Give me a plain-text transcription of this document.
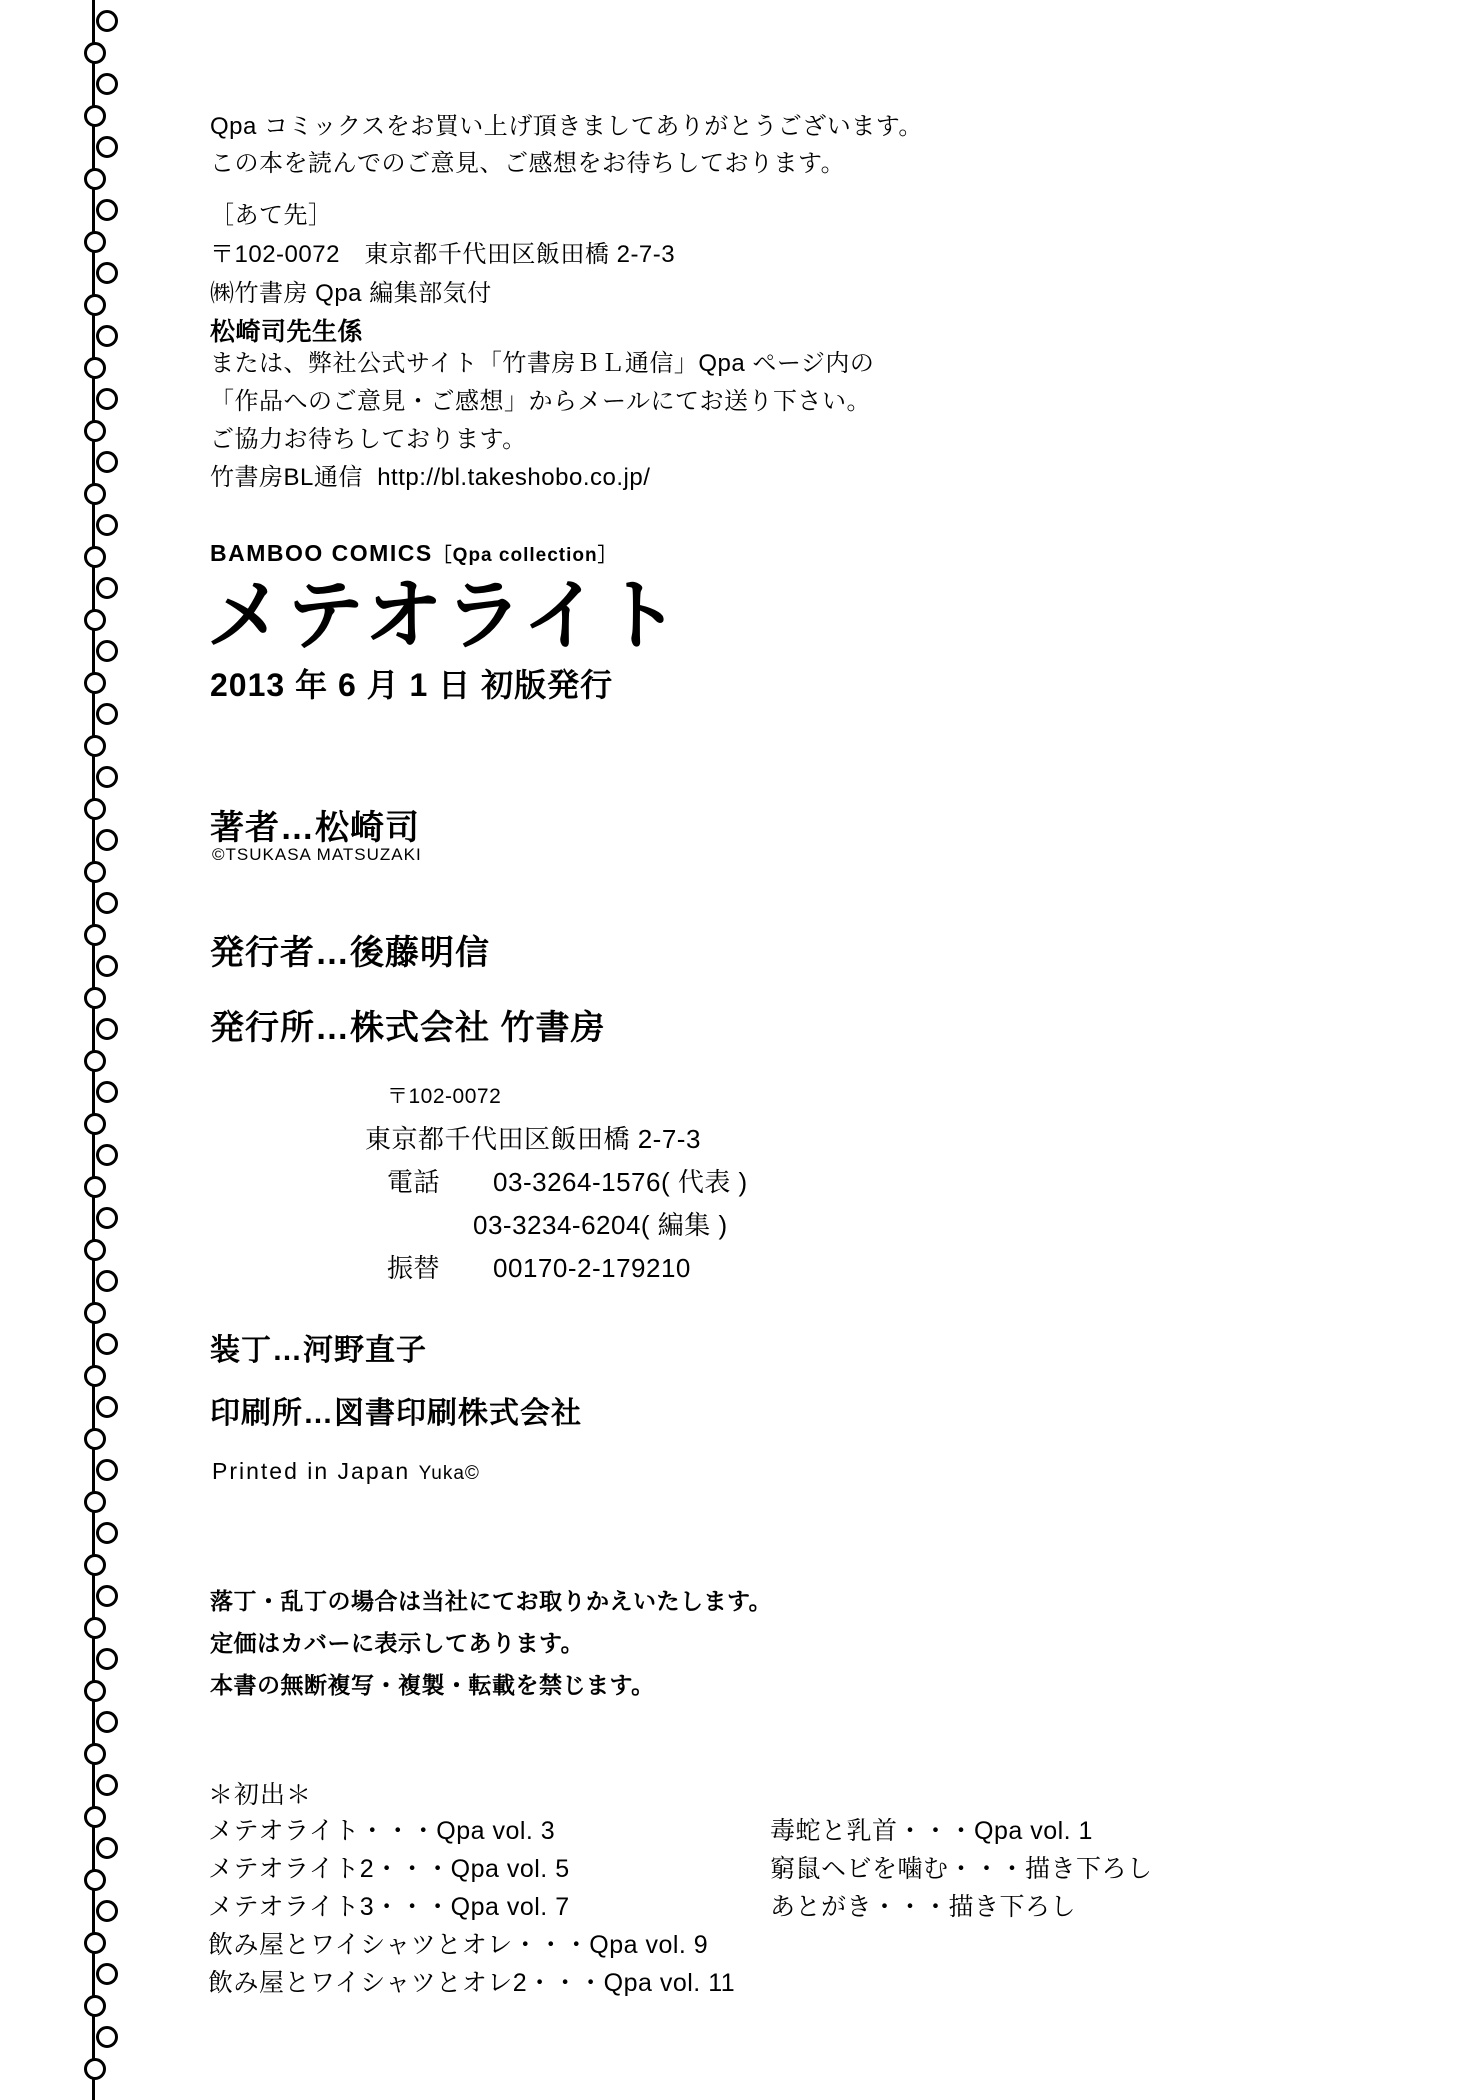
Qpa コミックスをお買い上げ頂きましてありがとうございます。
この本を読んでのご意見、ご感想をお待ちしております。
［あて先］
〒102-0072　東京都千代田区飯田橋 2-7-3
㈱竹書房 Qpa 編集部気付
松崎司先生係
または、弊社公式サイト「竹書房ＢＬ通信」Qpa ページ内の
「作品へのご意見・ご感想」からメールにてお送り下さい。
ご協力お待ちしております。
竹書房BL通信  http://bl.takeshobo.co.jp/
BAMBOO COMICS［Qpa collection］
メテオライト
2013 年 6 月 1 日 初版発行
著者…松崎司
©TSUKASA MATSUZAKI
発行者…後藤明信
発行所…株式会社 竹書房
〒102-0072
東京都千代田区飯田橋 2-7-3
電話　　 03-3264-1576( 代表 )
03-3234-6204( 編集 )
振替　　 00170-2-179210
装丁…河野直子
印刷所…図書印刷株式会社
Printed in Japan Yuka©
落丁・乱丁の場合は当社にてお取りかえいたします。
定価はカバーに表示してあります。
本書の無断複写・複製・転載を禁じます。
＊初出＊
メテオライト・・・Qpa vol. 3
メテオライト2・・・Qpa vol. 5
メテオライト3・・・Qpa vol. 7
飲み屋とワイシャツとオレ・・・Qpa vol. 9
飲み屋とワイシャツとオレ2・・・Qpa vol. 11
毒蛇と乳首・・・Qpa vol. 1
窮鼠ヘビを噛む・・・描き下ろし
あとがき・・・描き下ろし
